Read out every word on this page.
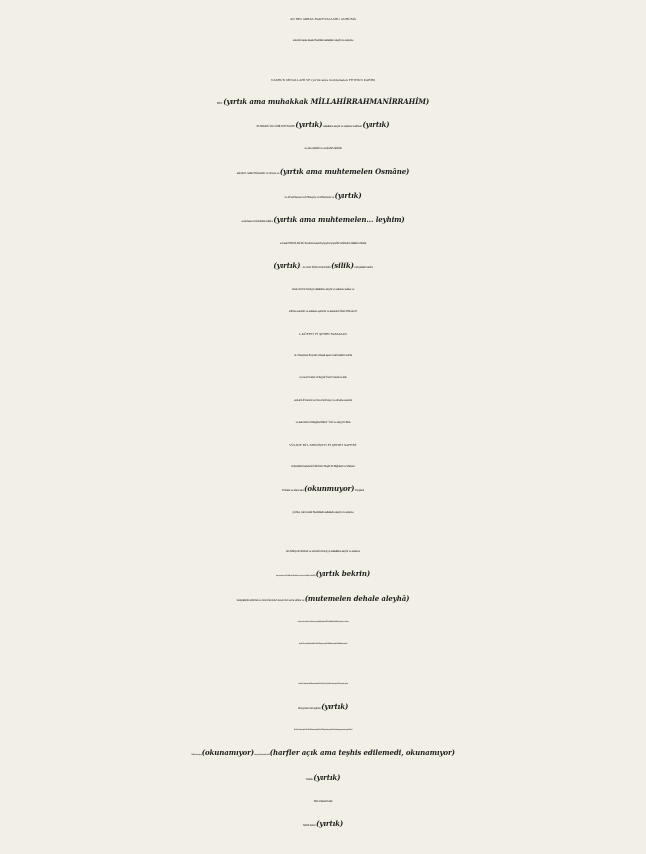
AN İBN ABBAS RADFIYALLAHU ANHÜMÂ

ennehû kaale kaale Resûllah sallallahu aleyhi ve selleme

NASRUN MİNALLAHİ VE (yırtık ama muhtemelen FETHUN KARÎB)

BİS (yırtık ama muhakkak MİLLAHİRRAHMANİRRAHİM)

ELHAMDÜ LİLLÂHİLLEZÎ EAZZE (yırtık) sallallahu aleyhi ve selleme teslîmen (yırtık)

ve alâ evlâdihî ve ezvâcihi't-tâhirâti

alâ fahr'i celilin Ebûbekrin ve Omere ve (yırtık ama muhtemelen Osmâne)

ve Alî el-Hasene ve'l-Hüseyne ve'l-Hamzete ve (yırtık)

el-Abbase rızvânullahi teâlâ a (yırtık ama muhtemelen... leyhim)

ecmaîn EMMÂ BA'DÜ fe-hâzâ nesebü'ş-Şeyhu'ş-Şerîfü'z-Zâhidü's-Sâlikü's-Sâdât

(yırtık)... ne ömri Emîru'l-mü'minîn (silik) radıyallahü anhü

misle ömri'n-Nebiyyi sallallahu aleyhi ve selleme selâse ve

sittûne senetin ve selâsete eşhurin ve katetehû İbnü Mülcem fi'

L-KÛFETİ FÎ ŞEHRİ RAMAZAN

el- Muazzam fî leyleti erbaati aşere vakti salâti's-subhi

ve mevti Cafer et-Tayyâr fî arz'ı Gazâl ve kile

ennehû fî'l-Arabi ve hüve ibnü'sney ve erbaîne senetin

ve kabruhû bi'l-Bağdad Bâbü^t-tîn ve Aliyyü'r-Rızâ

VÜLİDE Bİ'L-MEDÎNETİ FÎ ŞEHR'İ SAFERÎ'

l-Muzafferi katelehû Hârûnü'r-Reşîd fi'l-Bağdadi ve Mansur

fi'l-Irakı ve kâne kad (okunmuyor) fi'ş-Şâmi

(yırtık)...hâi benâti Resûlillahi sallallahu aleyhi ve selleme

bin Mâriyeti'l-Kıbtati ve emmâ'n-Nebiyyü sallallahu aleyhi ve selleme

lem yetezevvec alâ Hadîcete illâ mâtet ve tezevvece bi-Âişete binti Ebî (yırtık bekrin)

radıyallahü anhümâ ve ömruhâ inde't-tezevvüci seb'a sinîne ve (mutemelen dehale aleyhâ)

ve hiye tis'ate sinîne ve kânet men yuhibbu'n-nisâi ilâ Resûlillahi sallallahu aleyhi ve selleme

beyânü'l- aşereti'lleti mürîdü Câferi't-Tayyâr aşîreti Bâbikî min aşîreti Bâzikî min aşîreti

Lehini (?) min aşîreti Kîlan min aşîreti Hubi (?) min Çaklı (?) min aşîreti Zekey min aşîreti

Süveydan min aşîreti (yırtık)

Benî Acel min aşîreti Benî Hilal min naşîreti Benî Zübeyd min aşîreti Benî (okunmuyor) min aşîreti Benî

Müdlic min aşîreti (okunamıyor) min aşîreti Sineminli evlâdi (harfler açık ama teşhis edilemedi, okunamıyor)

Nukile (yırtık)

Min nüshati'l-atîk

Tarihi hams (yırtık)
